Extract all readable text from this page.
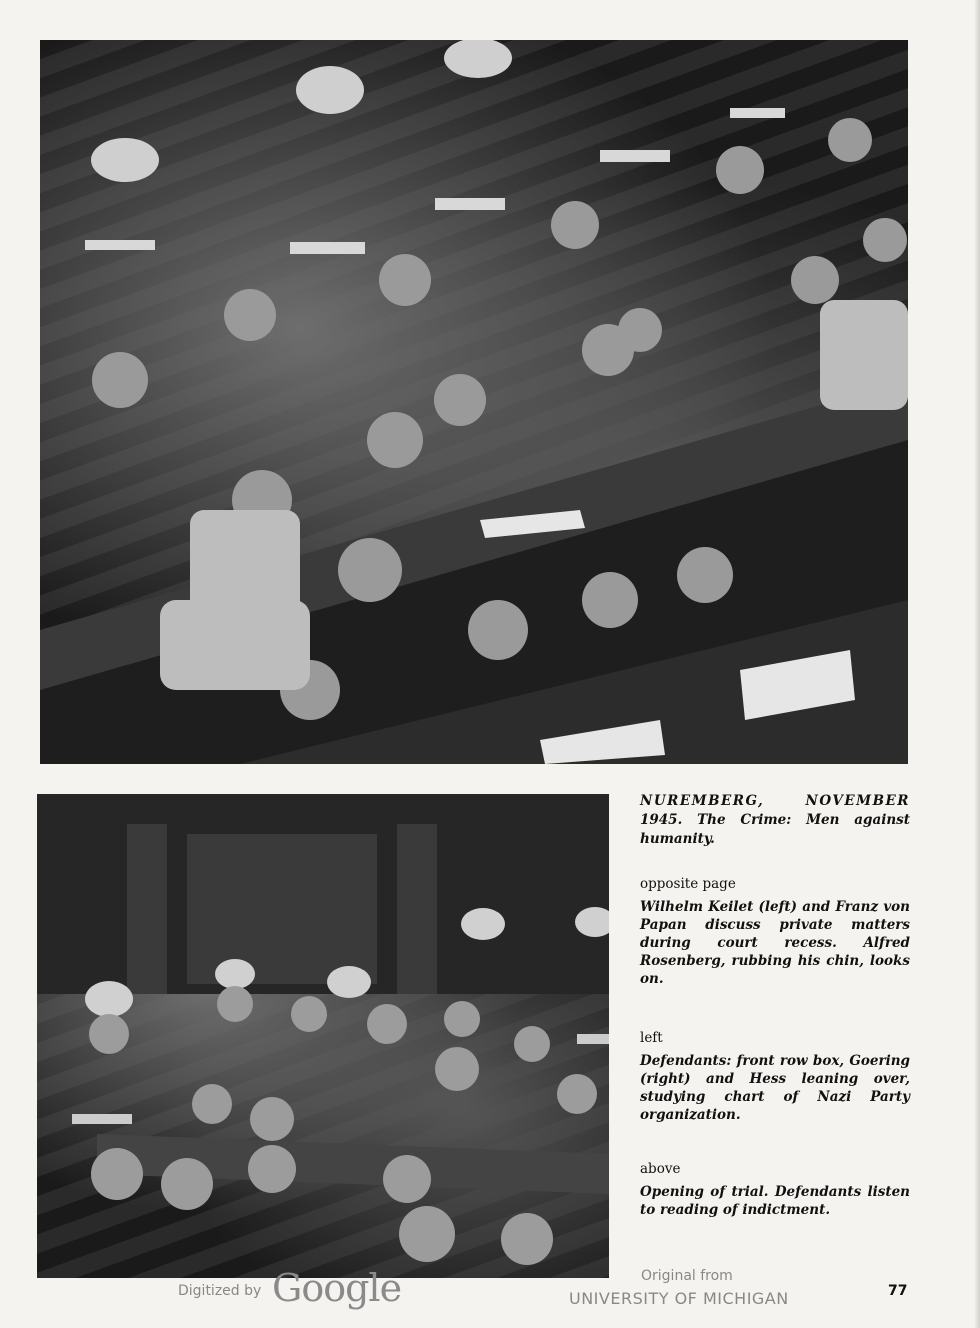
NUREMBERG, NOVEMBER 1945. The Crime: Men against humanity.

opposite page

Wilhelm Keilet (left) and Franz von Papan discuss private matters during court recess. Alfred Rosenberg, rubbing his chin, looks on.

left

Defendants: front row box, Goering (right) and Hess leaning over, studying chart of Nazi Party organization.

above

Opening of trial. Defendants listen to reading of indictment.

Digitized by Google	Original from
UNIVERSITY OF MICHIGAN	77
